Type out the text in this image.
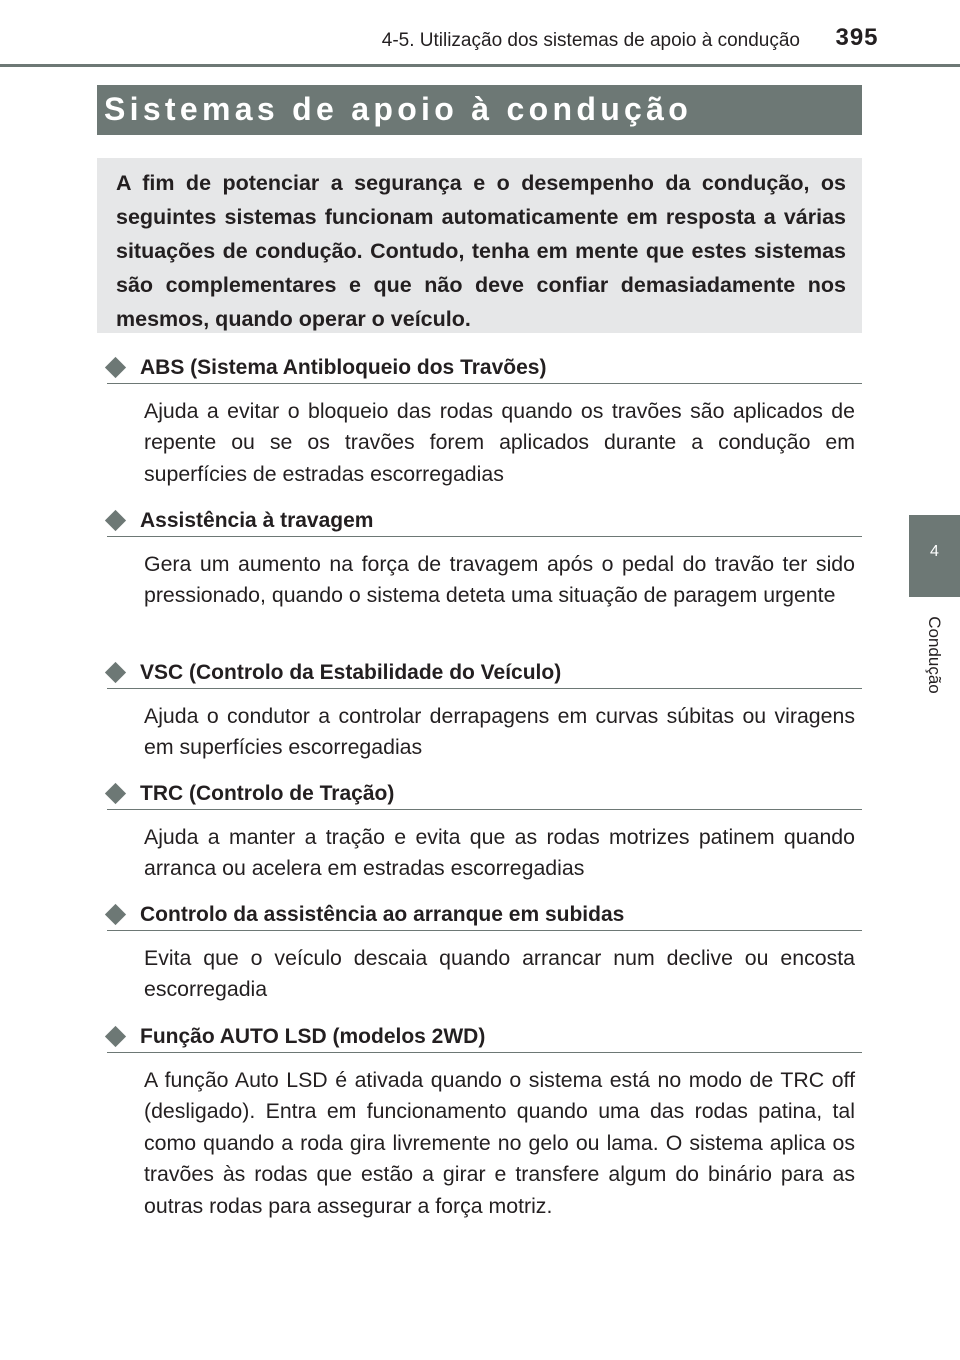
4-5. Utilização dos sistemas de apoio à condução	395
4
Condução
Sistemas de apoio à condução

A fim de potenciar a segurança e o desempenho da condução, os seguintes sistemas funcionam automaticamente em resposta a várias situações de condução. Contudo, tenha em mente que estes sistemas são complementares e que não deve confiar demasiadamente nos mesmos, quando operar o veículo.

ABS (Sistema Antibloqueio dos Travões)

Ajuda a evitar o bloqueio das rodas quando os travões são aplicados de repente ou se os travões forem aplicados durante a condução em superfícies de estradas escorregadias

Assistência à travagem

Gera um aumento na força de travagem após o pedal do travão ter sido pressionado, quando o sistema deteta uma situação de paragem urgente

VSC (Controlo da Estabilidade do Veículo)

Ajuda o condutor a controlar derrapagens em curvas súbitas ou viragens em superfícies escorregadias

TRC (Controlo de Tração)

Ajuda a manter a tração e evita que as rodas motrizes patinem quando arranca ou acelera em estradas escorregadias

Controlo da assistência ao arranque em subidas

Evita que o veículo descaia quando arrancar num declive ou encosta escorregadia

Função AUTO LSD (modelos 2WD)

A função Auto LSD é ativada quando o sistema está no modo de TRC off (desligado). Entra em funcionamento quando uma das rodas patina, tal como quando a roda gira livremente no gelo ou lama. O sistema aplica os travões às rodas que estão a girar e transfere algum do binário para as outras rodas para assegurar a força motriz.
